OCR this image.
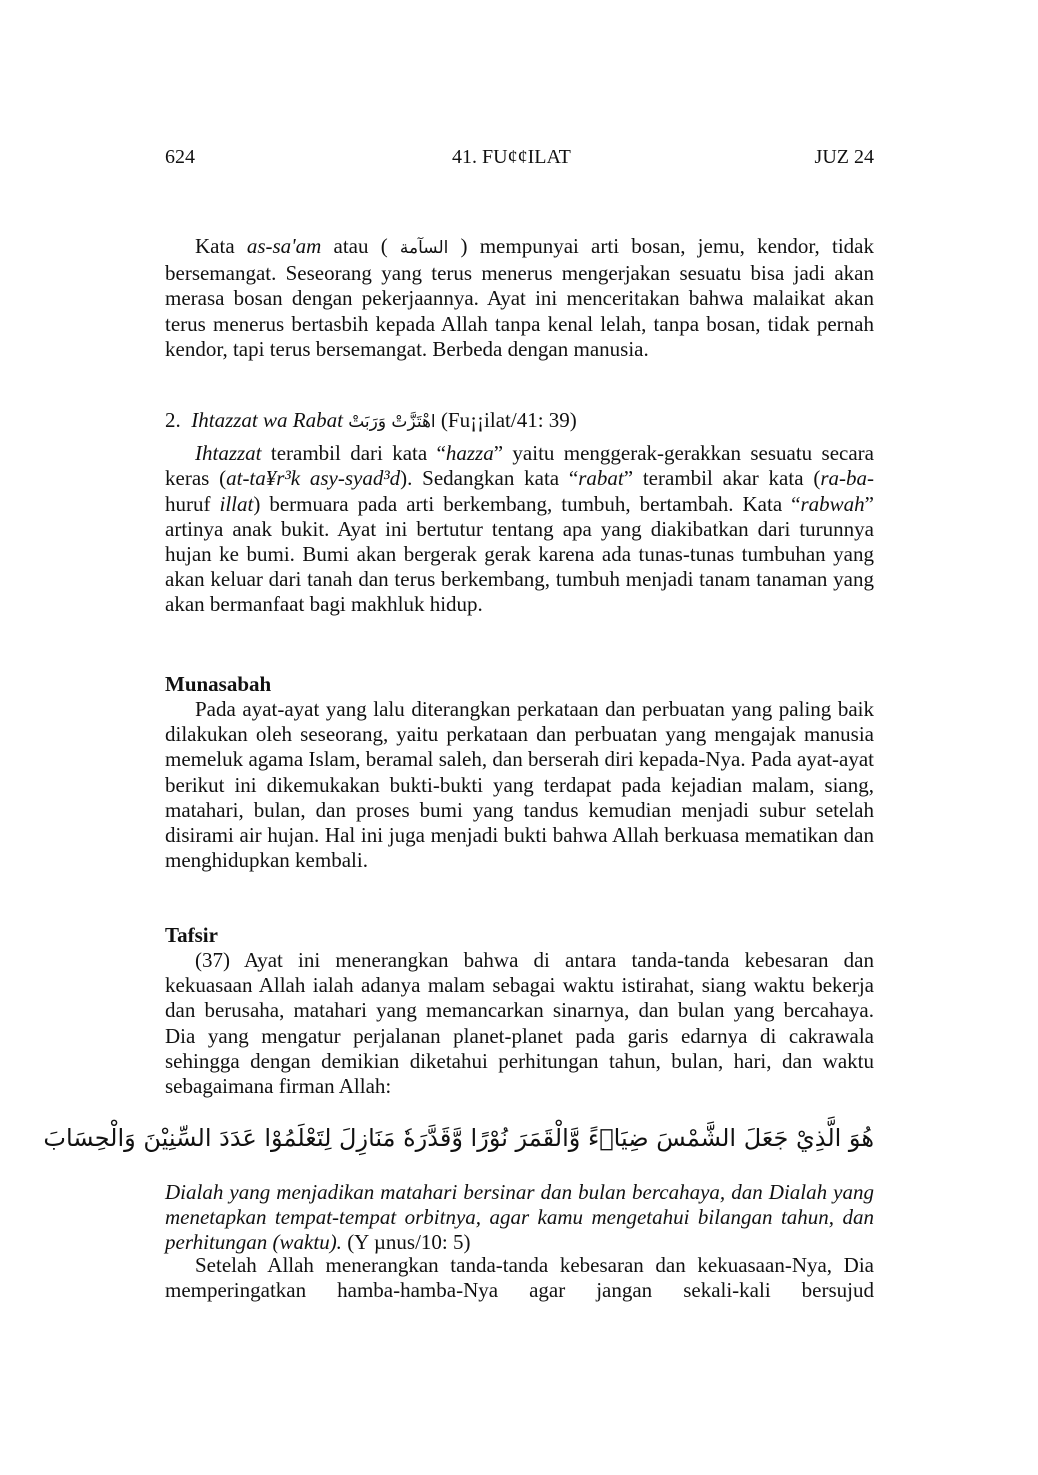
624	41. FU¢¢ILAT	JUZ 24

Kata as-sa'am atau ( السآمة ) mempunyai arti bosan, jemu, kendor, tidak bersemangat. Seseorang yang terus menerus mengerjakan sesuatu bisa jadi akan merasa bosan dengan pekerjaannya. Ayat ini menceritakan bahwa malaikat akan terus menerus bertasbih kepada Allah tanpa kenal lelah, tanpa bosan, tidak pernah kendor, tapi terus bersemangat. Berbeda dengan manusia.

2. Ihtazzat wa Rabat اهْتَزَّتْ وَرَبَتْ (Fu¡¡ilat/41: 39)

Ihtazzat terambil dari kata “hazza” yaitu menggerak-gerakkan sesuatu secara keras (at-ta¥r³k asy-syad³d). Sedangkan kata “rabat” terambil akar kata (ra-ba-huruf illat) bermuara pada arti berkembang, tumbuh, bertambah. Kata “rabwah” artinya anak bukit. Ayat ini bertutur tentang apa yang diakibatkan dari turunnya hujan ke bumi. Bumi akan bergerak gerak karena ada tunas-tunas tumbuhan yang akan keluar dari tanah dan terus berkembang, tumbuh menjadi tanam tanaman yang akan bermanfaat bagi makhluk hidup.

Munasabah

Pada ayat-ayat yang lalu diterangkan perkataan dan perbuatan yang paling baik dilakukan oleh seseorang, yaitu perkataan dan perbuatan yang mengajak manusia memeluk agama Islam, beramal saleh, dan berserah diri kepada-Nya. Pada ayat-ayat berikut ini dikemukakan bukti-bukti yang terdapat pada kejadian malam, siang, matahari, bulan, dan proses bumi yang tandus kemudian menjadi subur setelah disirami air hujan. Hal ini juga menjadi bukti bahwa Allah berkuasa mematikan dan menghidupkan kembali.

Tafsir

(37) Ayat ini menerangkan bahwa di antara tanda-tanda kebesaran dan kekuasaan Allah ialah adanya malam sebagai waktu istirahat, siang waktu bekerja dan berusaha, matahari yang memancarkan sinarnya, dan bulan yang bercahaya. Dia yang mengatur perjalanan planet-planet pada garis edarnya di cakrawala sehingga dengan demikian diketahui perhitungan tahun, bulan, hari, dan waktu sebagaimana firman Allah:

هُوَ الَّذِيْ جَعَلَ الشَّمْسَ ضِيَاۤءً وَّالْقَمَرَ نُوْرًا وَّقَدَّرَهٗ مَنَازِلَ لِتَعْلَمُوْا عَدَدَ السِّنِيْنَ وَالْحِسَابَ

Dialah yang menjadikan matahari bersinar dan bulan bercahaya, dan Dialah yang menetapkan tempat-tempat orbitnya, agar kamu mengetahui bilangan tahun, dan perhitungan (waktu). (Y µnus/10: 5)

Setelah Allah menerangkan tanda-tanda kebesaran dan kekuasaan-Nya, Dia memperingatkan hamba-hamba-Nya agar jangan sekali-kali bersujud
